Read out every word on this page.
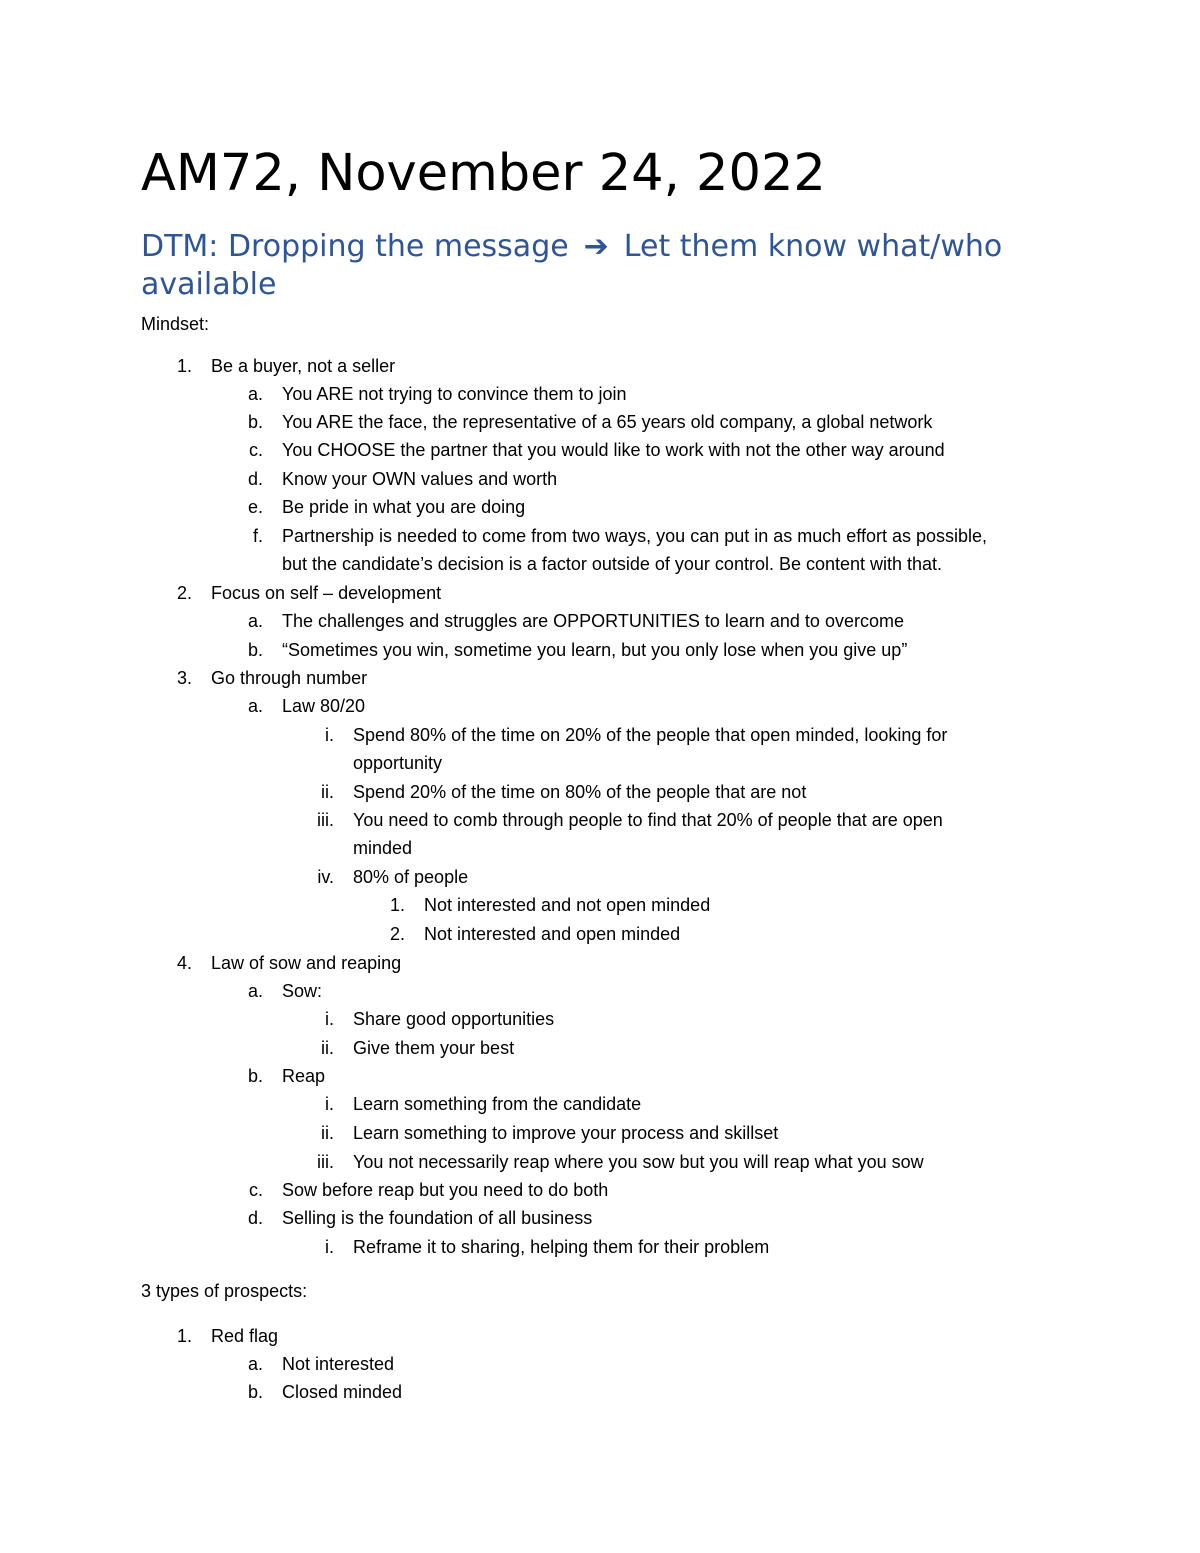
AM72, November 24, 2022
DTM: Dropping the message ➔ Let them know what/who available
Mindset:
1. Be a buyer, not a seller
a. You ARE not trying to convince them to join
b. You ARE the face, the representative of a 65 years old company, a global network
c. You CHOOSE the partner that you would like to work with not the other way around
d. Know your OWN values and worth
e. Be pride in what you are doing
f. Partnership is needed to come from two ways, you can put in as much effort as possible,
but the candidate’s decision is a factor outside of your control. Be content with that.
2. Focus on self – development
a. The challenges and struggles are OPPORTUNITIES to learn and to overcome
b. “Sometimes you win, sometime you learn, but you only lose when you give up”
3. Go through number
a. Law 80/20
i. Spend 80% of the time on 20% of the people that open minded, looking for
opportunity
ii. Spend 20% of the time on 80% of the people that are not
iii. You need to comb through people to find that 20% of people that are open
minded
iv. 80% of people
1. Not interested and not open minded
2. Not interested and open minded
4. Law of sow and reaping
a. Sow:
i. Share good opportunities
ii. Give them your best
b. Reap
i. Learn something from the candidate
ii. Learn something to improve your process and skillset
iii. You not necessarily reap where you sow but you will reap what you sow
c. Sow before reap but you need to do both
d. Selling is the foundation of all business
i. Reframe it to sharing, helping them for their problem
3 types of prospects:
1. Red flag
a. Not interested
b. Closed minded
